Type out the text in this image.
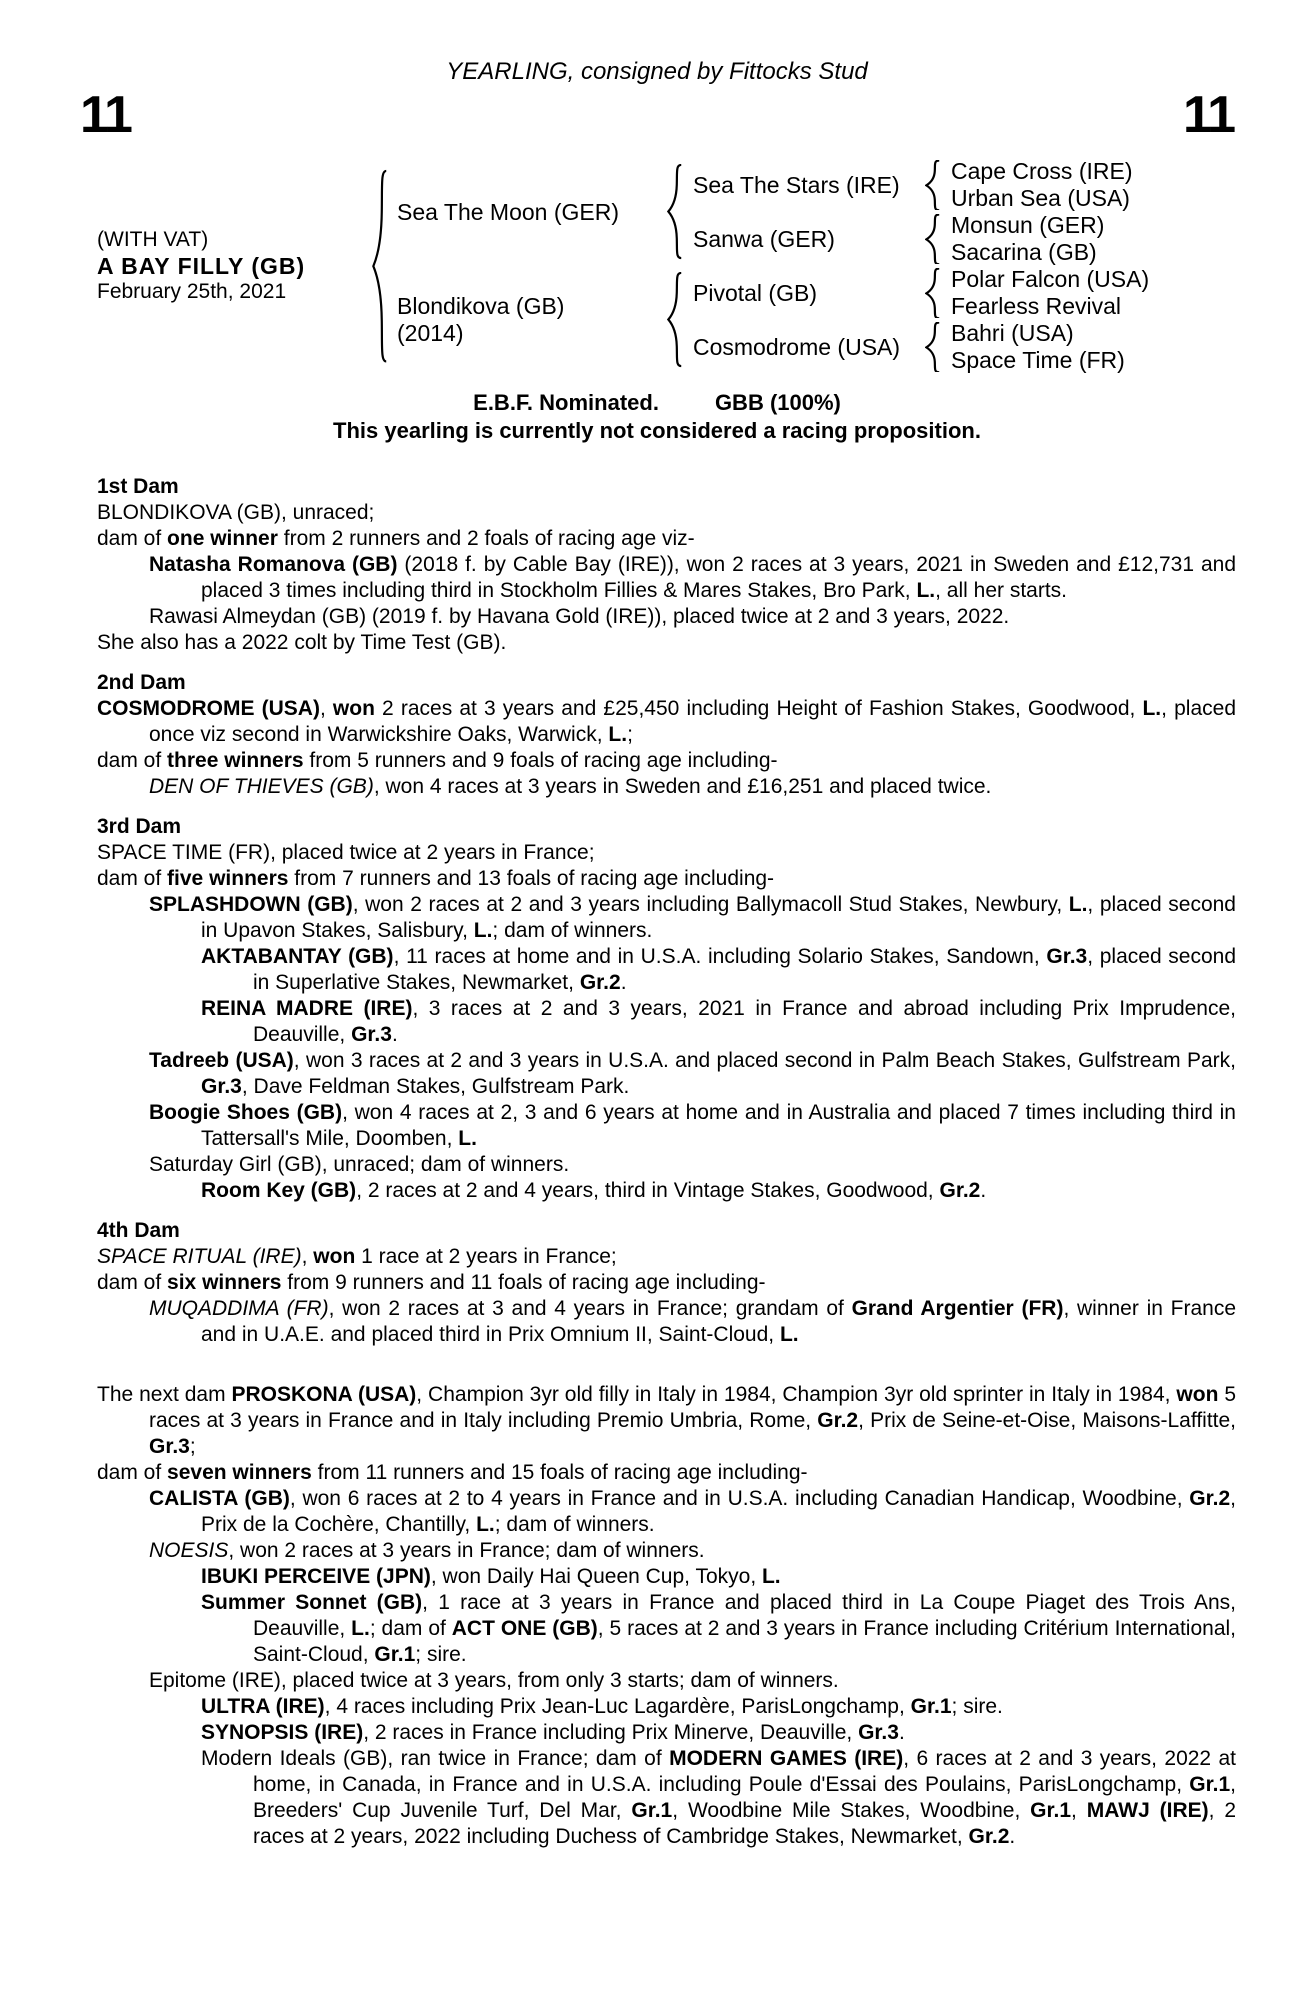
YEARLING, consigned by Fittocks Stud
11	11
(WITH VAT)
A BAY FILLY (GB)
February 25th, 2021
Sea The Moon (GER)
Blondikova (GB)
(2014)
Sea The Stars (IRE)
Sanwa (GER)
Pivotal (GB)
Cosmodrome (USA)
Cape Cross (IRE)
Urban Sea (USA)
Monsun (GER)
Sacarina (GB)
Polar Falcon (USA)
Fearless Revival
Bahri (USA)
Space Time (FR)
E.B.F. Nominated.	GBB (100%)
This yearling is currently not considered a racing proposition.
1st Dam

BLONDIKOVA (GB), unraced;

dam of one winner from 2 runners and 2 foals of racing age viz-

Natasha Romanova (GB) (2018 f. by Cable Bay (IRE)), won 2 races at 3 years, 2021 in Sweden and £12,731 and placed 3 times including third in Stockholm Fillies & Mares Stakes, Bro Park, L., all her starts.

Rawasi Almeydan (GB) (2019 f. by Havana Gold (IRE)), placed twice at 2 and 3 years, 2022.

She also has a 2022 colt by Time Test (GB).

2nd Dam

COSMODROME (USA), won 2 races at 3 years and £25,450 including Height of Fashion Stakes, Goodwood, L., placed once viz second in Warwickshire Oaks, Warwick, L.;

dam of three winners from 5 runners and 9 foals of racing age including-

DEN OF THIEVES (GB), won 4 races at 3 years in Sweden and £16,251 and placed twice.

3rd Dam

SPACE TIME (FR), placed twice at 2 years in France;

dam of five winners from 7 runners and 13 foals of racing age including-

SPLASHDOWN (GB), won 2 races at 2 and 3 years including Ballymacoll Stud Stakes, Newbury, L., placed second in Upavon Stakes, Salisbury, L.; dam of winners.

AKTABANTAY (GB), 11 races at home and in U.S.A. including Solario Stakes, Sandown, Gr.3, placed second in Superlative Stakes, Newmarket, Gr.2.

REINA MADRE (IRE), 3 races at 2 and 3 years, 2021 in France and abroad including Prix Imprudence, Deauville, Gr.3.

Tadreeb (USA), won 3 races at 2 and 3 years in U.S.A. and placed second in Palm Beach Stakes, Gulfstream Park, Gr.3, Dave Feldman Stakes, Gulfstream Park.

Boogie Shoes (GB), won 4 races at 2, 3 and 6 years at home and in Australia and placed 7 times including third in Tattersall's Mile, Doomben, L.

Saturday Girl (GB), unraced; dam of winners.

Room Key (GB), 2 races at 2 and 4 years, third in Vintage Stakes, Goodwood, Gr.2.

4th Dam

SPACE RITUAL (IRE), won 1 race at 2 years in France;

dam of six winners from 9 runners and 11 foals of racing age including-

MUQADDIMA (FR), won 2 races at 3 and 4 years in France; grandam of Grand Argentier (FR), winner in France and in U.A.E. and placed third in Prix Omnium II, Saint-Cloud, L.

The next dam PROSKONA (USA), Champion 3yr old filly in Italy in 1984, Champion 3yr old sprinter in Italy in 1984, won 5 races at 3 years in France and in Italy including Premio Umbria, Rome, Gr.2, Prix de Seine-et-Oise, Maisons-Laffitte, Gr.3;

dam of seven winners from 11 runners and 15 foals of racing age including-

CALISTA (GB), won 6 races at 2 to 4 years in France and in U.S.A. including Canadian Handicap, Woodbine, Gr.2, Prix de la Cochère, Chantilly, L.; dam of winners.

NOESIS, won 2 races at 3 years in France; dam of winners.

IBUKI PERCEIVE (JPN), won Daily Hai Queen Cup, Tokyo, L.

Summer Sonnet (GB), 1 race at 3 years in France and placed third in La Coupe Piaget des Trois Ans, Deauville, L.; dam of ACT ONE (GB), 5 races at 2 and 3 years in France including Critérium International, Saint-Cloud, Gr.1; sire.

Epitome (IRE), placed twice at 3 years, from only 3 starts; dam of winners.

ULTRA (IRE), 4 races including Prix Jean-Luc Lagardère, ParisLongchamp, Gr.1; sire.

SYNOPSIS (IRE), 2 races in France including Prix Minerve, Deauville, Gr.3.

Modern Ideals (GB), ran twice in France; dam of MODERN GAMES (IRE), 6 races at 2 and 3 years, 2022 at home, in Canada, in France and in U.S.A. including Poule d'Essai des Poulains, ParisLongchamp, Gr.1, Breeders' Cup Juvenile Turf, Del Mar, Gr.1, Woodbine Mile Stakes, Woodbine, Gr.1, MAWJ (IRE), 2 races at 2 years, 2022 including Duchess of Cambridge Stakes, Newmarket, Gr.2.
